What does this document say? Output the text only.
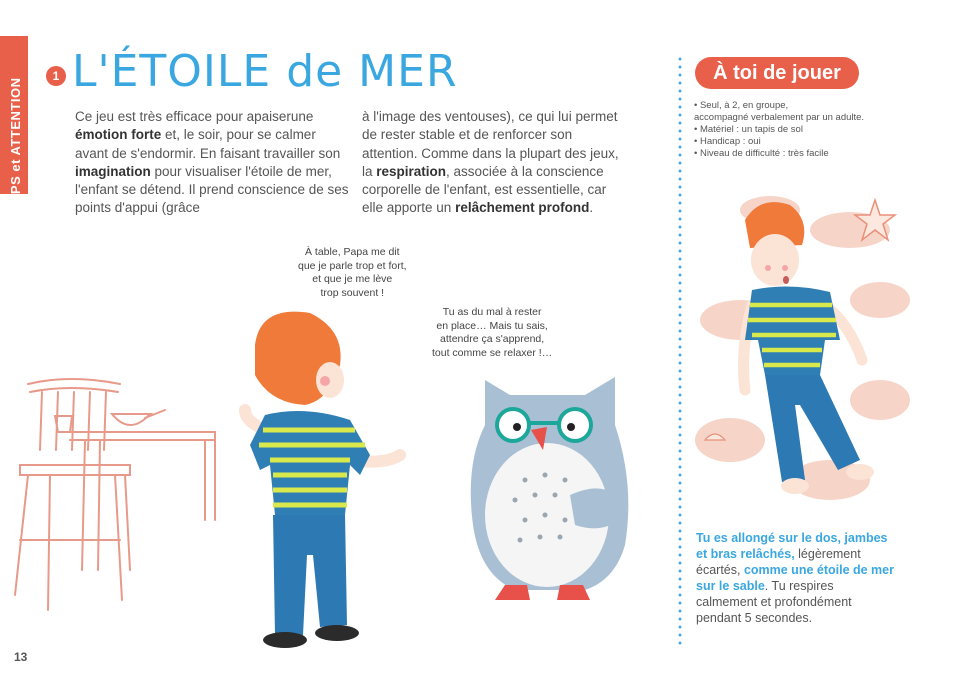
CORPS et ATTENTION
1 L'ÉTOILE de MER
Ce jeu est très efficace pour apaiserune émotion forte et, le soir, pour se calmer avant de s'endormir. En faisant travailler son imagination pour visualiser l'étoile de mer, l'enfant se détend. Il prend conscience de ses points d'appui (grâce
à l'image des ventouses), ce qui lui permet de rester stable et de renforcer son attention. Comme dans la plupart des jeux, la respiration, associée à la conscience corporelle de l'enfant, est essentielle, car elle apporte un relâchement profond.
À table, Papa me dit
que je parle trop et fort,
et que je me lève
trop souvent !
Tu as du mal à rester
en place… Mais tu sais,
attendre ça s'apprend,
tout comme se relaxer !…
À toi de jouer
• Seul, à 2, en groupe,
accompagné verbalement par un adulte.
• Matériel : un tapis de sol
• Handicap : oui
• Niveau de difficulté : très facile
Tu es allongé sur le dos, jambes et bras relâchés, légèrement écartés, comme une étoile de mer sur le sable. Tu respires calmement et profondément pendant 5 secondes.
13
